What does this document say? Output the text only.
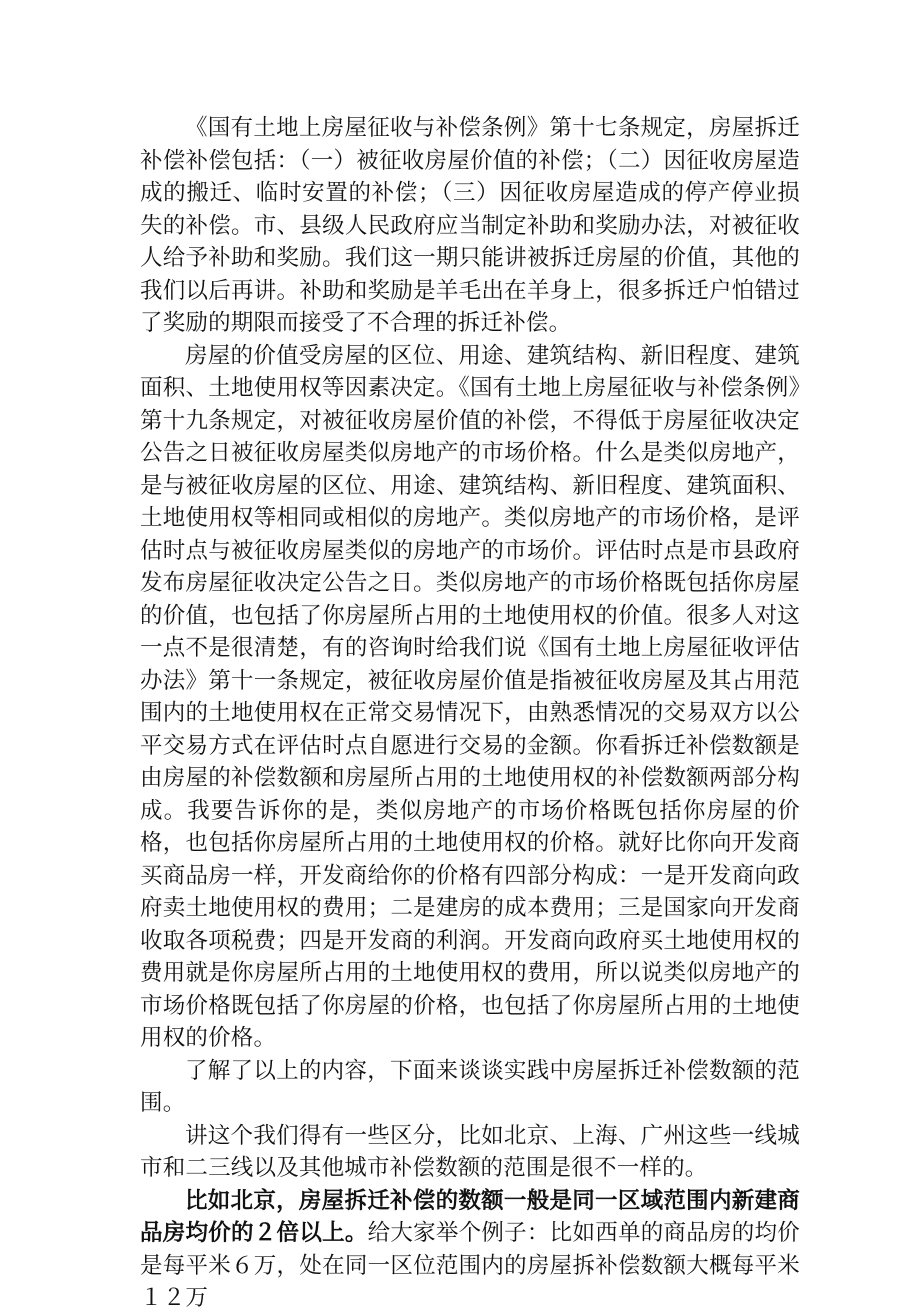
《国有土地上房屋征收与补偿条例》第十七条规定，房屋拆迁补偿补偿包括：（一）被征收房屋价值的补偿；（二）因征收房屋造成的搬迁、临时安置的补偿；（三）因征收房屋造成的停产停业损失的补偿。市、县级人民政府应当制定补助和奖励办法，对被征收人给予补助和奖励。我们这一期只能讲被拆迁房屋的价值，其他的我们以后再讲。补助和奖励是羊毛出在羊身上，很多拆迁户怕错过了奖励的期限而接受了不合理的拆迁补偿。

房屋的价值受房屋的区位、用途、建筑结构、新旧程度、建筑面积、土地使用权等因素决定。《国有土地上房屋征收与补偿条例》第十九条规定，对被征收房屋价值的补偿，不得低于房屋征收决定公告之日被征收房屋类似房地产的市场价格。什么是类似房地产，是与被征收房屋的区位、用途、建筑结构、新旧程度、建筑面积、土地使用权等相同或相似的房地产。类似房地产的市场价格，是评估时点与被征收房屋类似的房地产的市场价。评估时点是市县政府发布房屋征收决定公告之日。类似房地产的市场价格既包括你房屋的价值，也包括了你房屋所占用的土地使用权的价值。很多人对这一点不是很清楚，有的咨询时给我们说《国有土地上房屋征收评估办法》第十一条规定，被征收房屋价值是指被征收房屋及其占用范围内的土地使用权在正常交易情况下，由熟悉情况的交易双方以公平交易方式在评估时点自愿进行交易的金额。你看拆迁补偿数额是由房屋的补偿数额和房屋所占用的土地使用权的补偿数额两部分构成。我要告诉你的是，类似房地产的市场价格既包括你房屋的价格，也包括你房屋所占用的土地使用权的价格。就好比你向开发商买商品房一样，开发商给你的价格有四部分构成：一是开发商向政府卖土地使用权的费用；二是建房的成本费用；三是国家向开发商收取各项税费；四是开发商的利润。开发商向政府买土地使用权的费用就是你房屋所占用的土地使用权的费用，所以说类似房地产的市场价格既包括了你房屋的价格，也包括了你房屋所占用的土地使用权的价格。

了解了以上的内容，下面来谈谈实践中房屋拆迁补偿数额的范围。

讲这个我们得有一些区分，比如北京、上海、广州这些一线城市和二三线以及其他城市补偿数额的范围是很不一样的。

比如北京，房屋拆迁补偿的数额一般是同一区域范围内新建商品房均价的２倍以上。给大家举个例子：比如西单的商品房的均价是每平米６万，处在同一区位范围内的房屋拆补偿数额大概每平米１２万
